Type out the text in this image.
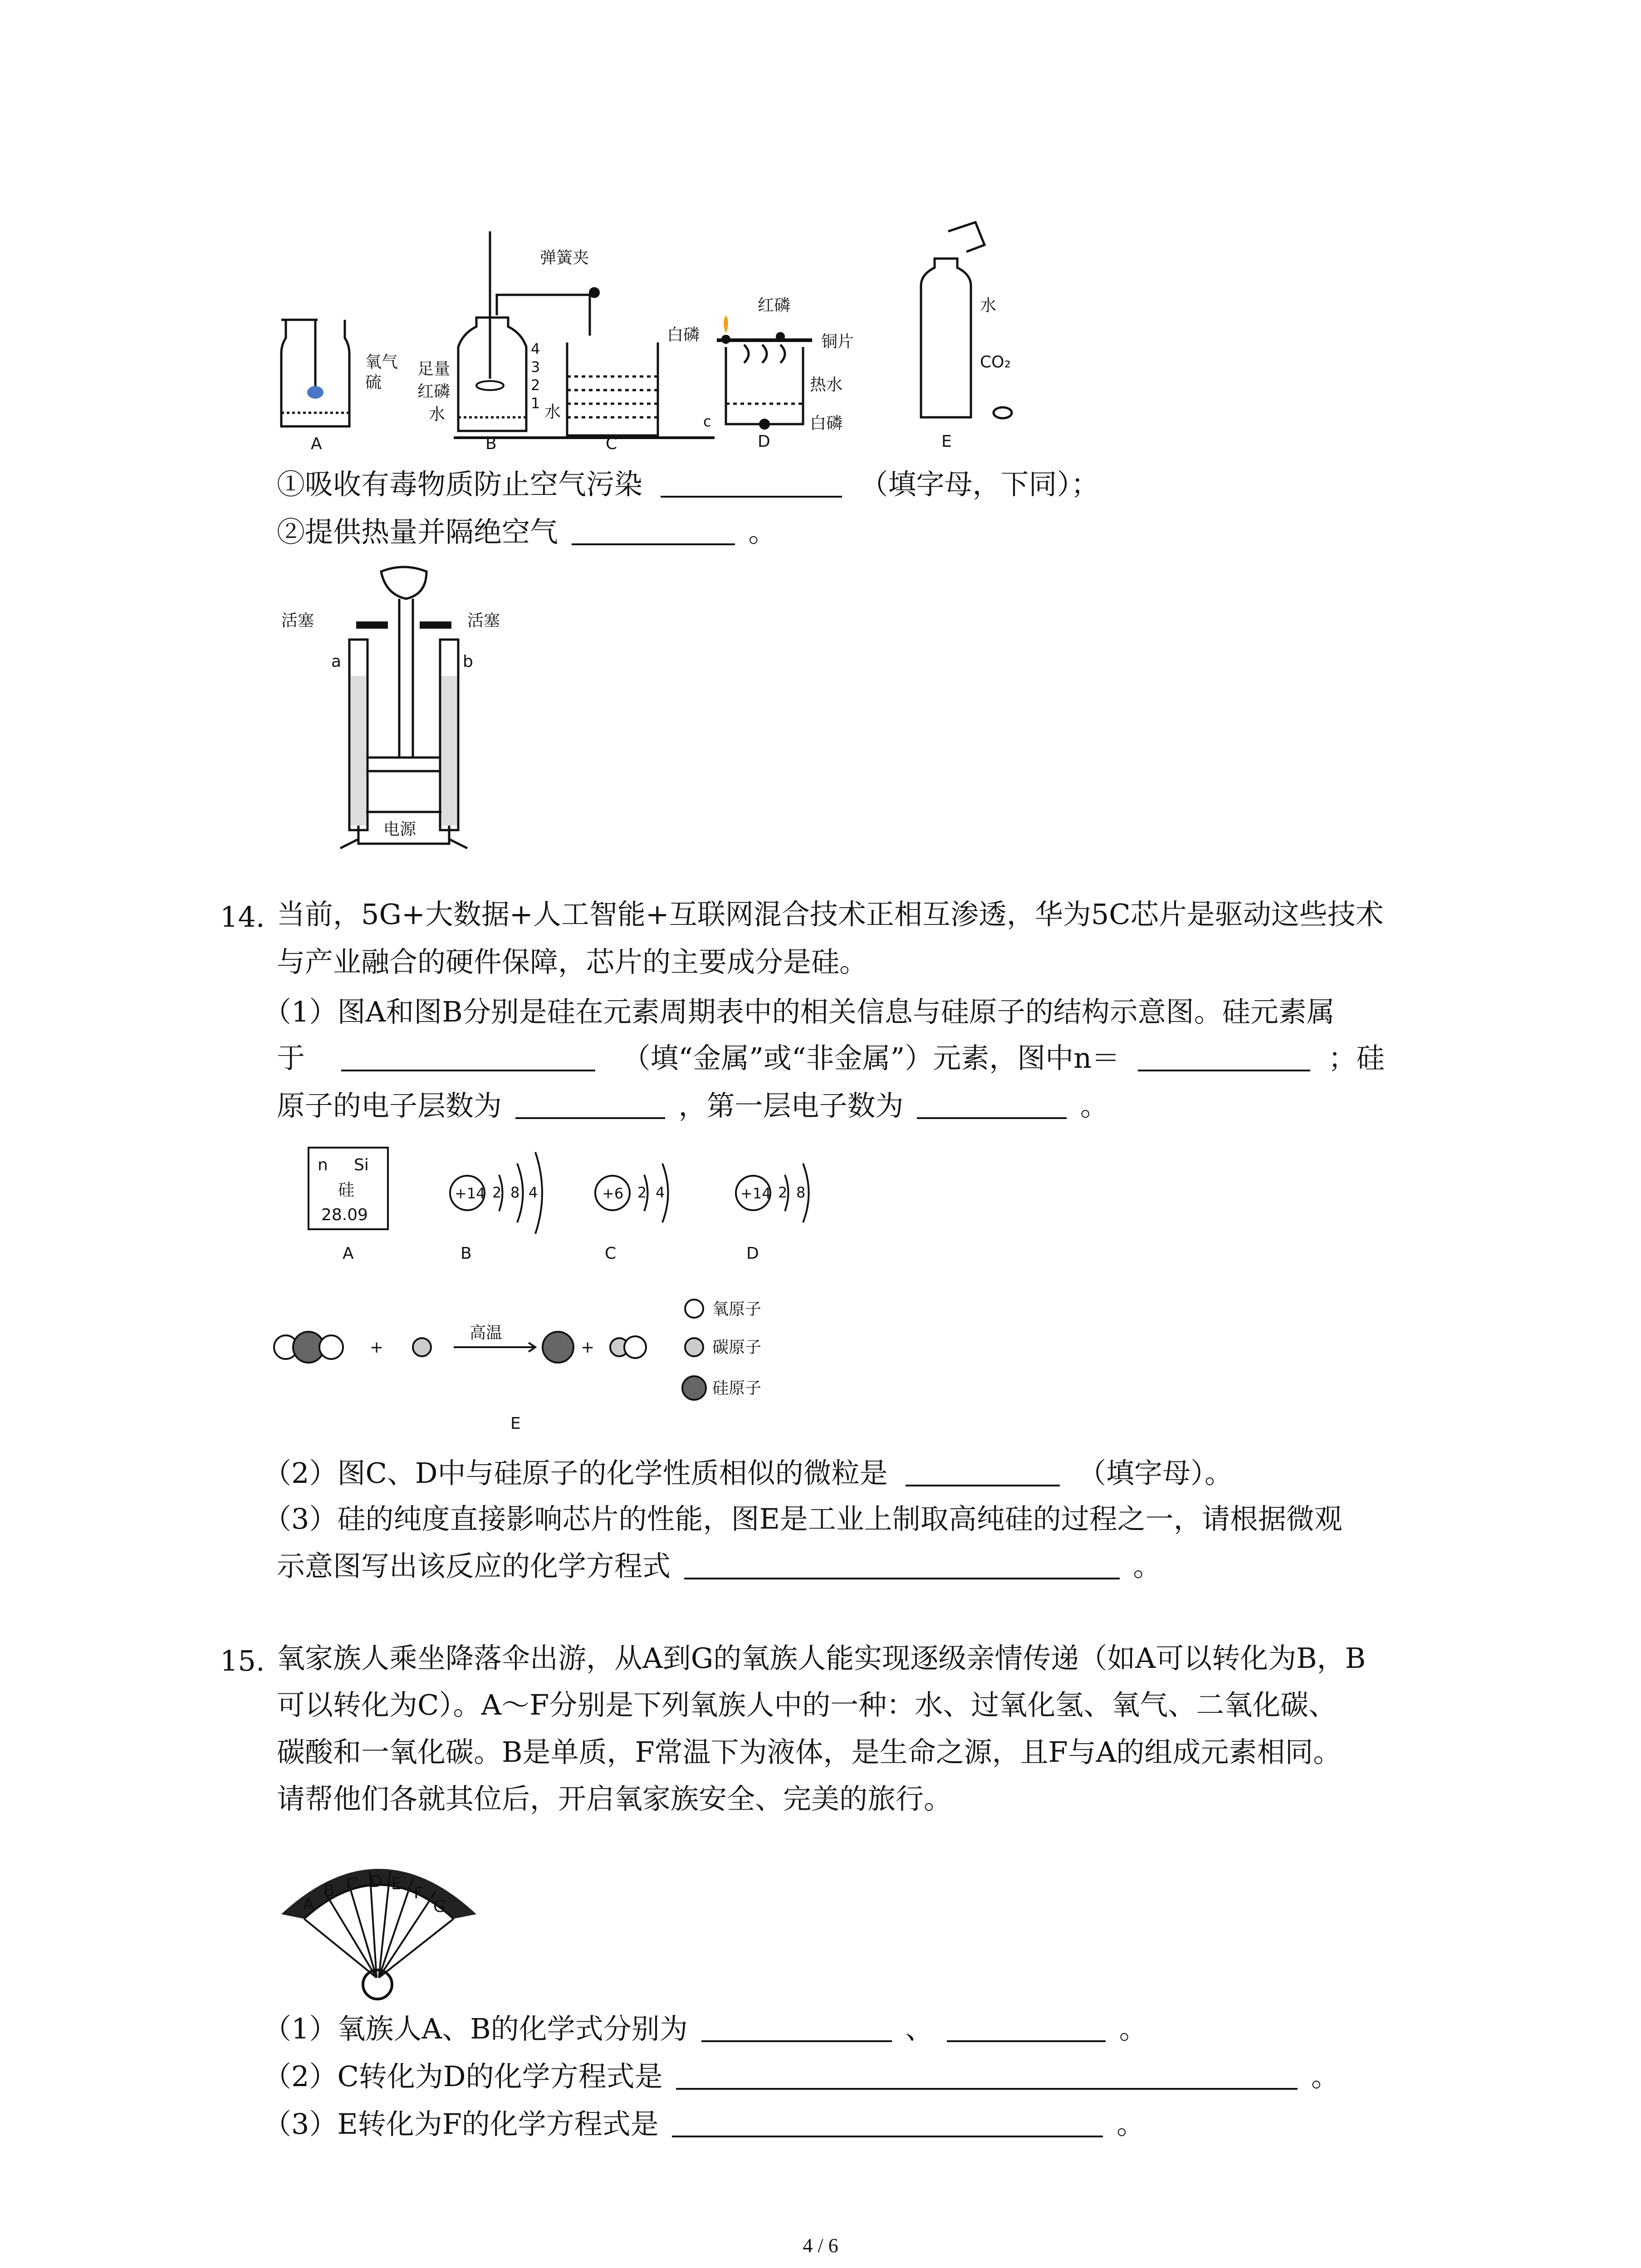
A
氧气
硫
弹簧夹
足量
红磷
水
4
3
2
1
B
水
C
白磷
红磷
铜片
热水
c	白磷
D
水
CO₂
E
①吸收有毒物质防止空气污染	（填字母，下同）；
②提供热量并隔绝空气	。
活塞	活塞
a	b
电源
14. 当前，5G+大数据+人工智能+互联网混合技术正相互渗透，华为5C芯片是驱动这些技术
与产业融合的硬件保障，芯片的主要成分是硅。
（1）图A和图B分别是硅在元素周期表中的相关信息与硅原子的结构示意图。硅元素属
于	（填“金属”或“非金属”）元素，图中n＝	；硅
原子的电子层数为	，第一层电子数为	。
n Si
硅
28.09
A
+14 2 8 4
B
+6 2 4
C
+14 2 8
D
+
高温
+
E
氧原子
碳原子
硅原子
（2）图C、D中与硅原子的化学性质相似的微粒是	（填字母）。
（3）硅的纯度直接影响芯片的性能，图E是工业上制取高纯硅的过程之一，请根据微观
示意图写出该反应的化学方程式	。
15. 氧家族人乘坐降落伞出游，从A到G的氧族人能实现逐级亲情传递（如A可以转化为B，B
可以转化为C）。A～F分别是下列氧族人中的一种：水、过氧化氢、氧气、二氧化碳、
碳酸和一氧化碳。B是单质，F常温下为液体，是生命之源，且F与A的组成元素相同。
请帮他们各就其位后，开启氧家族安全、完美的旅行。
A
B C D E F
G
（1）氧族人A、B的化学式分别为	、	。
（2）C转化为D的化学方程式是	。
（3）E转化为F的化学方程式是	。
4 / 6
